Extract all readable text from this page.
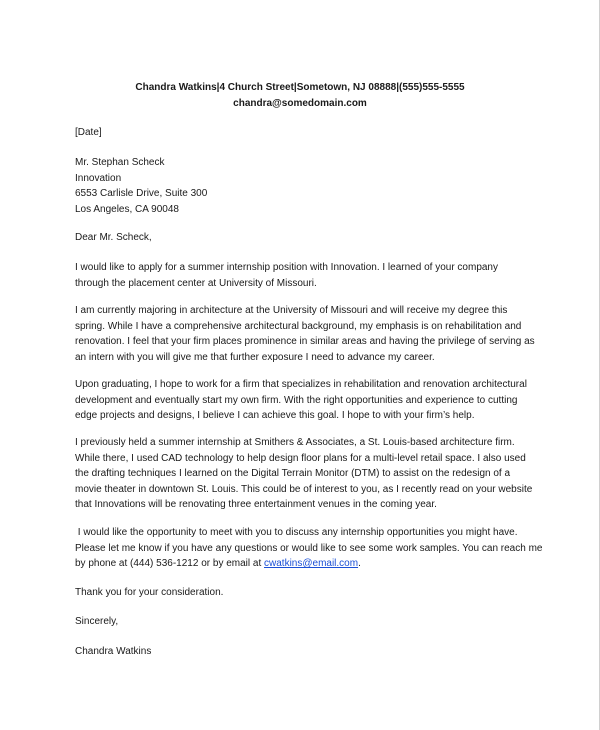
Chandra Watkins|4 Church Street|Sometown, NJ 08888|(555)555-5555
chandra@somedomain.com
[Date]
Mr. Stephan Scheck
Innovation
6553 Carlisle Drive, Suite 300
Los Angeles, CA 90048
Dear Mr. Scheck,
I would like to apply for a summer internship position with Innovation. I learned of your company
through the placement center at University of Missouri.
I am currently majoring in architecture at the University of Missouri and will receive my degree this
spring. While I have a comprehensive architectural background, my emphasis is on rehabilitation and
renovation. I feel that your firm places prominence in similar areas and having the privilege of serving as
an intern with you will give me that further exposure I need to advance my career.
Upon graduating, I hope to work for a firm that specializes in rehabilitation and renovation architectural
development and eventually start my own firm. With the right opportunities and experience to cutting
edge projects and designs, I believe I can achieve this goal. I hope to with your firm’s help.
I previously held a summer internship at Smithers & Associates, a St. Louis-based architecture firm.
While there, I used CAD technology to help design floor plans for a multi-level retail space. I also used
the drafting techniques I learned on the Digital Terrain Monitor (DTM) to assist on the redesign of a
movie theater in downtown St. Louis. This could be of interest to you, as I recently read on your website
that Innovations will be renovating three entertainment venues in the coming year.
I would like the opportunity to meet with you to discuss any internship opportunities you might have.
Please let me know if you have any questions or would like to see some work samples. You can reach me
by phone at (444) 536-1212 or by email at cwatkins@email.com.
Thank you for your consideration.
Sincerely,
Chandra Watkins
